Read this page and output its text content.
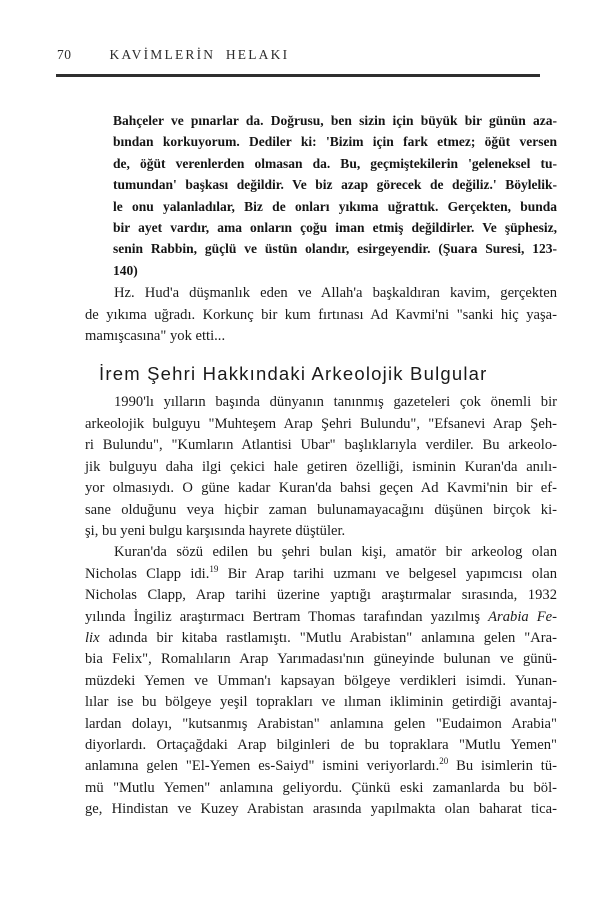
70	KAVİMLERİN HELAKI
Bahçeler ve pınarlar da. Doğrusu, ben sizin için büyük bir günün aza-
bından korkuyorum. Dediler ki: 'Bizim için fark etmez; öğüt versen
de, öğüt verenlerden olmasan da. Bu, geçmiştekilerin 'geleneksel tu-
tumundan' başkası değildir. Ve biz azap görecek de değiliz.' Böylelik-
le onu yalanladılar, Biz de onları yıkıma uğrattık. Gerçekten, bunda
bir ayet vardır, ama onların çoğu iman etmiş değildirler. Ve şüphesiz,
senin Rabbin, güçlü ve üstün olandır, esirgeyendir. (Şuara Suresi, 123-
140)
Hz. Hud'a düşmanlık eden ve Allah'a başkaldıran kavim, gerçekten
de yıkıma uğradı. Korkunç bir kum fırtınası Ad Kavmi'ni "sanki hiç yaşa-
mamışcasına" yok etti...
İrem Şehri Hakkındaki Arkeolojik Bulgular
1990'lı yılların başında dünyanın tanınmış gazeteleri çok önemli bir
arkeolojik bulguyu "Muhteşem Arap Şehri Bulundu", "Efsanevi Arap Şeh-
ri Bulundu", "Kumların Atlantisi Ubar" başlıklarıyla verdiler. Bu arkeolo-
jik bulguyu daha ilgi çekici hale getiren özelliği, isminin Kuran'da anılı-
yor olmasıydı. O güne kadar Kuran'da bahsi geçen Ad Kavmi'nin bir ef-
sane olduğunu veya hiçbir zaman bulunamayacağını düşünen birçok ki-
şi, bu yeni bulgu karşısında hayrete düştüler.
Kuran'da sözü edilen bu şehri bulan kişi, amatör bir arkeolog olan
Nicholas Clapp idi.$^{19}$ Bir Arap tarihi uzmanı ve belgesel yapımcısı olan
Nicholas Clapp, Arap tarihi üzerine yaptığı araştırmalar sırasında, 1932
yılında İngiliz araştırmacı Bertram Thomas tarafından yazılmış Arabia Fe-
lix adında bir kitaba rastlamıştı. "Mutlu Arabistan" anlamına gelen "Ara-
bia Felix", Romalıların Arap Yarımadası'nın güneyinde bulunan ve günü-
müzdeki Yemen ve Umman'ı kapsayan bölgeye verdikleri isimdi. Yunan-
lılar ise bu bölgeye yeşil toprakları ve ılıman ikliminin getirdiği avantaj-
lardan dolayı, "kutsanmış Arabistan" anlamına gelen "Eudaimon Arabia"
diyorlardı. Ortaçağdaki Arap bilginleri de bu topraklara "Mutlu Yemen"
anlamına gelen "El-Yemen es-Saiyd" ismini veriyorlardı.$^{20}$ Bu isimlerin tü-
mü "Mutlu Yemen" anlamına geliyordu. Çünkü eski zamanlarda bu böl-
ge, Hindistan ve Kuzey Arabistan arasında yapılmakta olan baharat tica-
